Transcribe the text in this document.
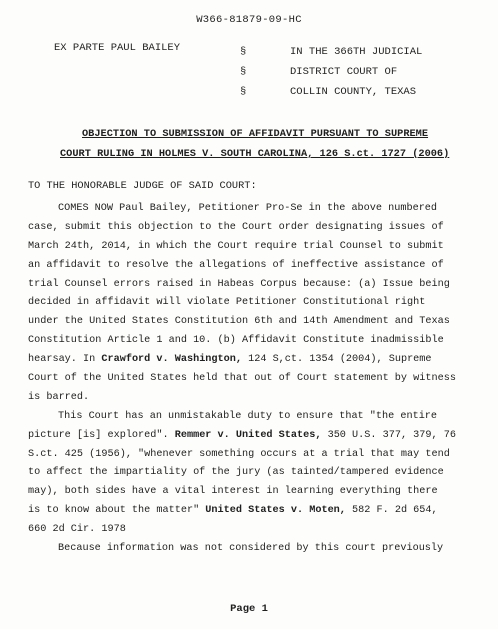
W366-81879-09-HC
EX PARTE PAUL BAILEY	§
§
§
IN THE 366TH JUDICIAL
DISTRICT COURT OF
COLLIN COUNTY, TEXAS
OBJECTION TO SUBMISSION OF AFFIDAVIT PURSUANT TO SUPREME
COURT RULING IN HOLMES V. SOUTH CAROLINA, 126 S.ct. 1727 (2006)
TO THE HONORABLE JUDGE OF SAID COURT:
COMES NOW Paul Bailey, Petitioner Pro-Se in the above numbered
case, submit this objection to the Court order designating issues of
March 24th, 2014, in which the Court require trial Counsel to submit
an affidavit to resolve the allegations of ineffective assistance of
trial Counsel errors raised in Habeas Corpus because: (a) Issue being
decided in affidavit will violate Petitioner Constitutional right
under the United States Constitution 6th and 14th Amendment and Texas
Constitution Article 1 and 10. (b) Affidavit Constitute inadmissible
hearsay. In Crawford v. Washington, 124 S,ct. 1354 (2004), Supreme
Court of the United States held that out of Court statement by witness
is barred.
This Court has an unmistakable duty to ensure that "the entire
picture [is] explored". Remmer v. United States, 350 U.S. 377, 379, 76
S.ct. 425 (1956), "whenever something occurs at a trial that may tend
to affect the impartiality of the jury (as tainted/tampered evidence
may), both sides have a vital interest in learning everything there
is to know about the matter" United States v. Moten, 582 F. 2d 654,
660 2d Cir. 1978
Because information was not considered by this court previously
Page 1
